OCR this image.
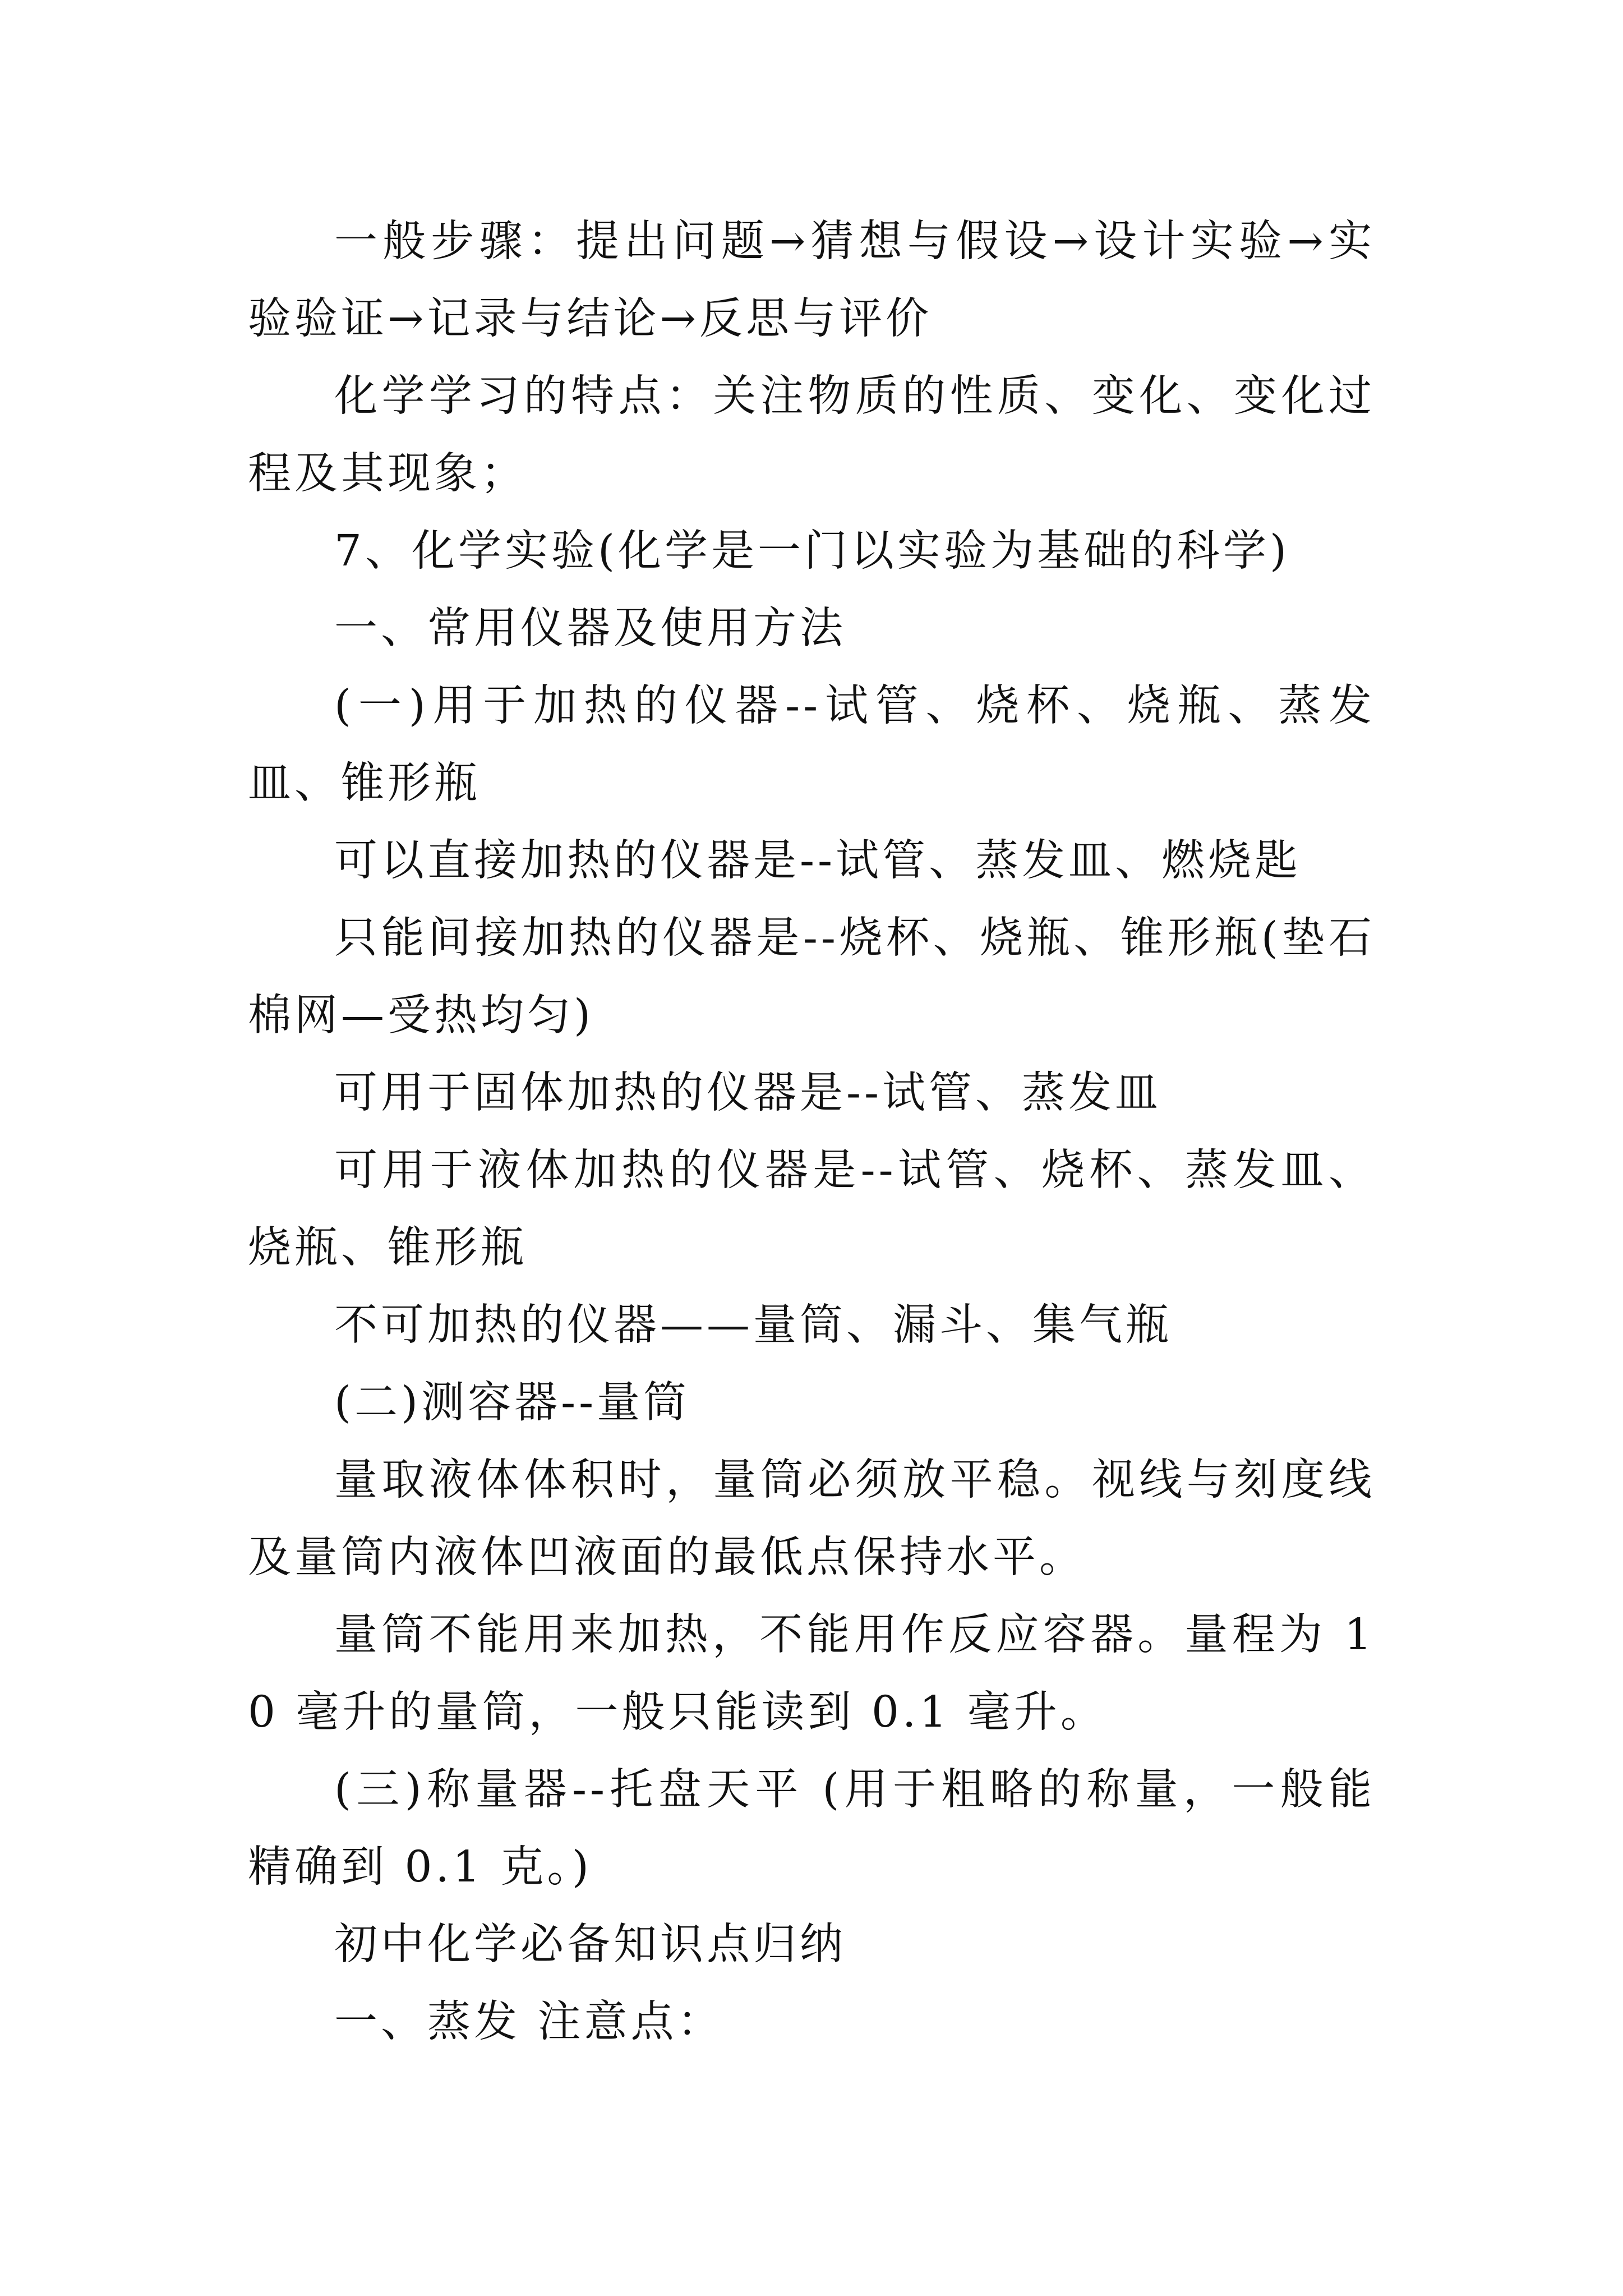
一般步骤：提出问题→猜想与假设→设计实验→实验验证→记录与结论→反思与评价

化学学习的特点：关注物质的性质、变化、变化过程及其现象；

7、化学实验(化学是一门以实验为基础的科学)

一、常用仪器及使用方法

(一)用于加热的仪器--试管、烧杯、烧瓶、蒸发皿、锥形瓶

可以直接加热的仪器是--试管、蒸发皿、燃烧匙

只能间接加热的仪器是--烧杯、烧瓶、锥形瓶(垫石棉网—受热均匀)

可用于固体加热的仪器是--试管、蒸发皿

可用于液体加热的仪器是--试管、烧杯、蒸发皿、烧瓶、锥形瓶

不可加热的仪器——量筒、漏斗、集气瓶

(二)测容器--量筒

量取液体体积时，量筒必须放平稳。视线与刻度线及量筒内液体凹液面的最低点保持水平。

量筒不能用来加热，不能用作反应容器。量程为 10 毫升的量筒，一般只能读到 0.1 毫升。

(三)称量器--托盘天平 (用于粗略的称量，一般能精确到 0.1 克。)

初中化学必备知识点归纳

一、蒸发 注意点：
